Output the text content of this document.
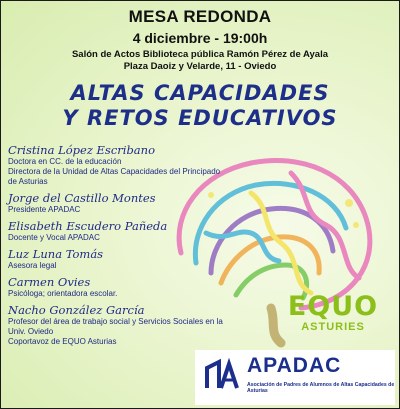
MESA REDONDA
4 diciembre - 19:00h
Salón de Actos Biblioteca pública Ramón Pérez de Ayala
Plaza Daoiz y Velarde, 11 - Oviedo
ALTAS CAPACIDADES
Y RETOS EDUCATIVOS
Cristina López Escribano
Doctora en CC. de la educación
Directora de la Unidad de Altas Capacidades del Principado de Asturias
Jorge del Castillo Montes
Presidente APADAC
Elisabeth Escudero Pañeda
Docente y Vocal APADAC
Luz Luna Tomás
Asesora legal
Carmen Ovies
Psicóloga; orientadora escolar.
Nacho González García
Profesor del área de trabajo social y Servicios Sociales en la Univ. Oviedo
Coportavoz de EQUO Asturias
EQUO
ASTURIES
APADAC
Asociación de Padres de Alumnos de Altas Capacidades de Asturias
